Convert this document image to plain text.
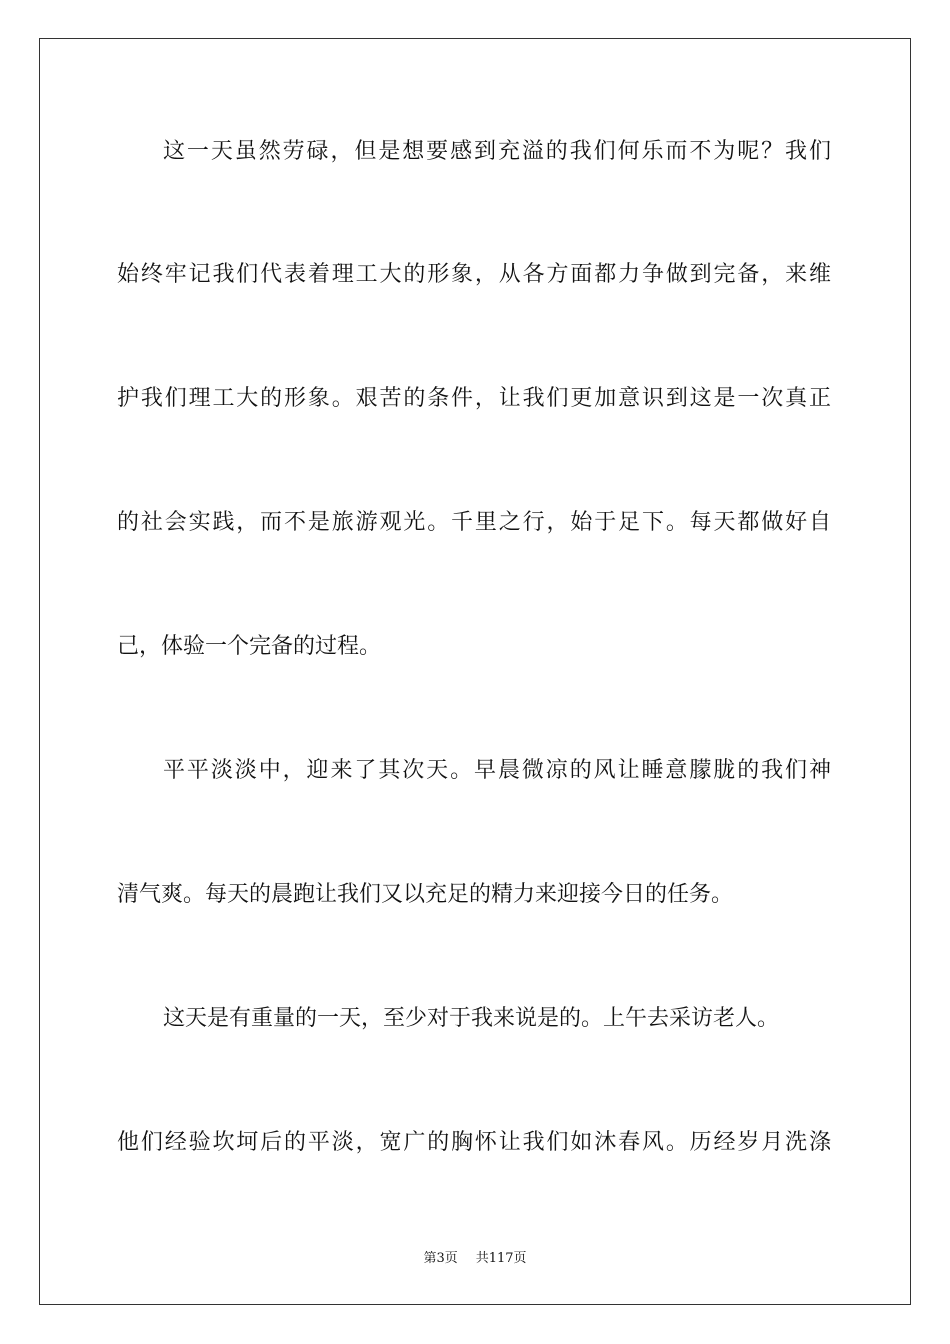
这一天虽然劳碌，但是想要感到充溢的我们何乐而不为呢？我们
始终牢记我们代表着理工大的形象，从各方面都力争做到完备，来维
护我们理工大的形象。艰苦的条件，让我们更加意识到这是一次真正
的社会实践，而不是旅游观光。千里之行，始于足下。每天都做好自
己，体验一个完备的过程。
平平淡淡中，迎来了其次天。早晨微凉的风让睡意朦胧的我们神
清气爽。每天的晨跑让我们又以充足的精力来迎接今日的任务。
这天是有重量的一天，至少对于我来说是的。上午去采访老人。
他们经验坎坷后的平淡，宽广的胸怀让我们如沐春风。历经岁月洗涤
第3页 共117页
